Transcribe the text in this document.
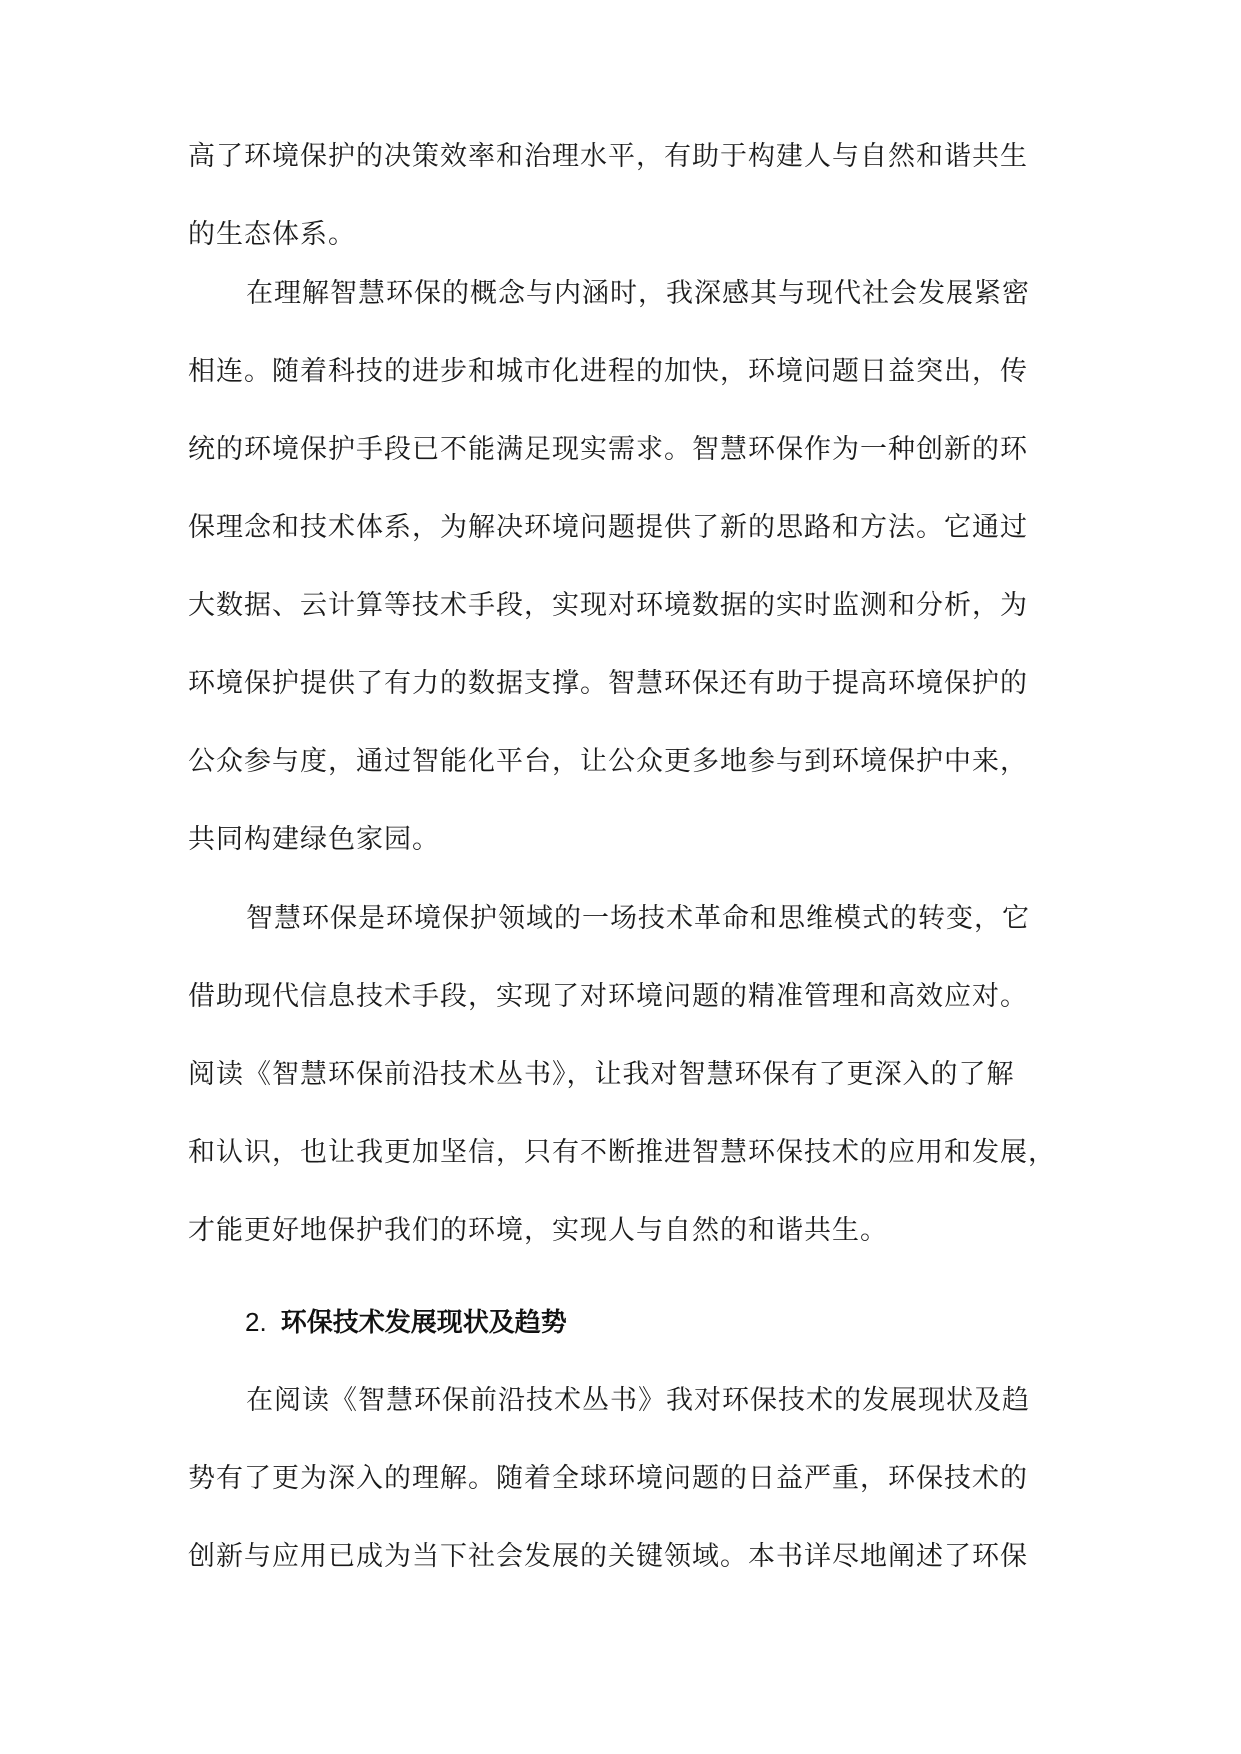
高了环境保护的决策效率和治理水平，有助于构建人与自然和谐共生
的生态体系。
在理解智慧环保的概念与内涵时，我深感其与现代社会发展紧密
相连。随着科技的进步和城市化进程的加快，环境问题日益突出，传
统的环境保护手段已不能满足现实需求。智慧环保作为一种创新的环
保理念和技术体系，为解决环境问题提供了新的思路和方法。它通过
大数据、云计算等技术手段，实现对环境数据的实时监测和分析，为
环境保护提供了有力的数据支撑。智慧环保还有助于提高环境保护的
公众参与度，通过智能化平台，让公众更多地参与到环境保护中来，
共同构建绿色家园。
智慧环保是环境保护领域的一场技术革命和思维模式的转变，它
借助现代信息技术手段，实现了对环境问题的精准管理和高效应对。
阅读《智慧环保前沿技术丛书》，让我对智慧环保有了更深入的了解
和认识，也让我更加坚信，只有不断推进智慧环保技术的应用和发展，
才能更好地保护我们的环境，实现人与自然的和谐共生。
2. 环保技术发展现状及趋势
在阅读《智慧环保前沿技术丛书》我对环保技术的发展现状及趋
势有了更为深入的理解。随着全球环境问题的日益严重，环保技术的
创新与应用已成为当下社会发展的关键领域。本书详尽地阐述了环保
